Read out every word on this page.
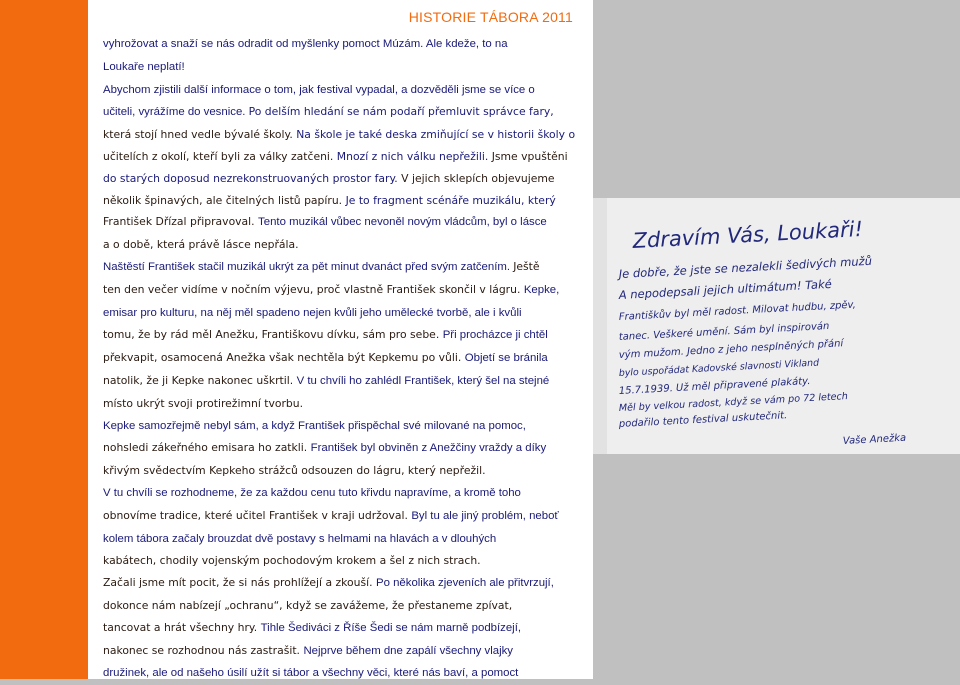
HISTORIE TÁBORA 2011
vyhrožovat a snaží se nás odradit od myšlenky pomoct Múzám. Ale kdeže, to na
Loukaře neplatí!
Abychom zjistili další informace o tom, jak festival vypadal, a dozvěděli jsme se více o
učiteli, vyrážíme do vesnice. Po delším hledání se nám podaří přemluvit správce fary,
která stojí hned vedle bývalé školy. Na škole je také deska zmiňující se v historii školy o
učitelích z okolí, kteří byli za války zatčeni. Mnozí z nich válku nepřežili. Jsme vpuštěni
do starých doposud nezrekonstruovaných prostor fary. V jejich sklepích objevujeme
několik špinavých, ale čitelných listů papíru. Je to fragment scénáře muzikálu, který
František Dřízal připravoval. Tento muzikál vůbec nevoněl novým vládcům, byl o lásce
a o době, která právě lásce nepřála.
Naštěstí František stačil muzikál ukrýt za pět minut dvanáct před svým zatčením. Ještě
ten den večer vidíme v nočním výjevu, proč vlastně František skončil v lágru. Kepke,
emisar pro kulturu, na něj měl spadeno nejen kvůli jeho umělecké tvorbě, ale i kvůli
tomu, že by rád měl Anežku, Františkovu dívku, sám pro sebe. Při procházce ji chtěl
překvapit, osamocená Anežka však nechtěla být Kepkemu po vůli. Objetí se bránila
natolik, že ji Kepke nakonec uškrtil. V tu chvíli ho zahlédl František, který šel na stejné
místo ukrýt svoji protirežimní tvorbu.
Kepke samozřejmě nebyl sám, a když František přispěchal své milované na pomoc,
nohsledi zákeřného emisara ho zatkli. František byl obviněn z Anežčiny vraždy a díky
křivým svědectvím Kepkeho strážců odsouzen do lágru, který nepřežil.
V tu chvíli se rozhodneme, že za každou cenu tuto křivdu napravíme, a kromě toho
obnovíme tradice, které učitel František v kraji udržoval. Byl tu ale jiný problém, neboť
kolem tábora začaly brouzdat dvě postavy s helmami na hlavách a v dlouhých
kabátech, chodily vojenským pochodovým krokem a šel z nich strach.
Začali jsme mít pocit, že si nás prohlížejí a zkouší. Po několika zjeveních ale přitvrzují,
dokonce nám nabízejí „ochranu“, když se zavážeme, že přestaneme zpívat,
tancovat a hrát všechny hry. Tihle Šediváci z Říše Šedi se nám marně podbízejí,
nakonec se rozhodnou nás zastrašit. Nejprve během dne zapálí všechny vlajky
družinek, ale od našeho úsilí užít si tábor a všechny věci, které nás baví, a pomoct
Zdravím Vás, Loukaři!
Je dobře, že jste se nezalekli šedivých mužů
A nepodepsali jejich ultimátum! Také
Františkův byl měl radost. Milovat hudbu, zpěv,
tanec. Veškeré umění. Sám byl inspirován
vým mužom. Jedno z jeho nesplněných přání
bylo uspořádat Kadovské slavnosti Vikland
15.7.1939. Už měl připravené plakáty.
Měl by velkou radost, když se vám po 72 letech
podařilo tento festival uskutečnit.
Vaše Anežka
